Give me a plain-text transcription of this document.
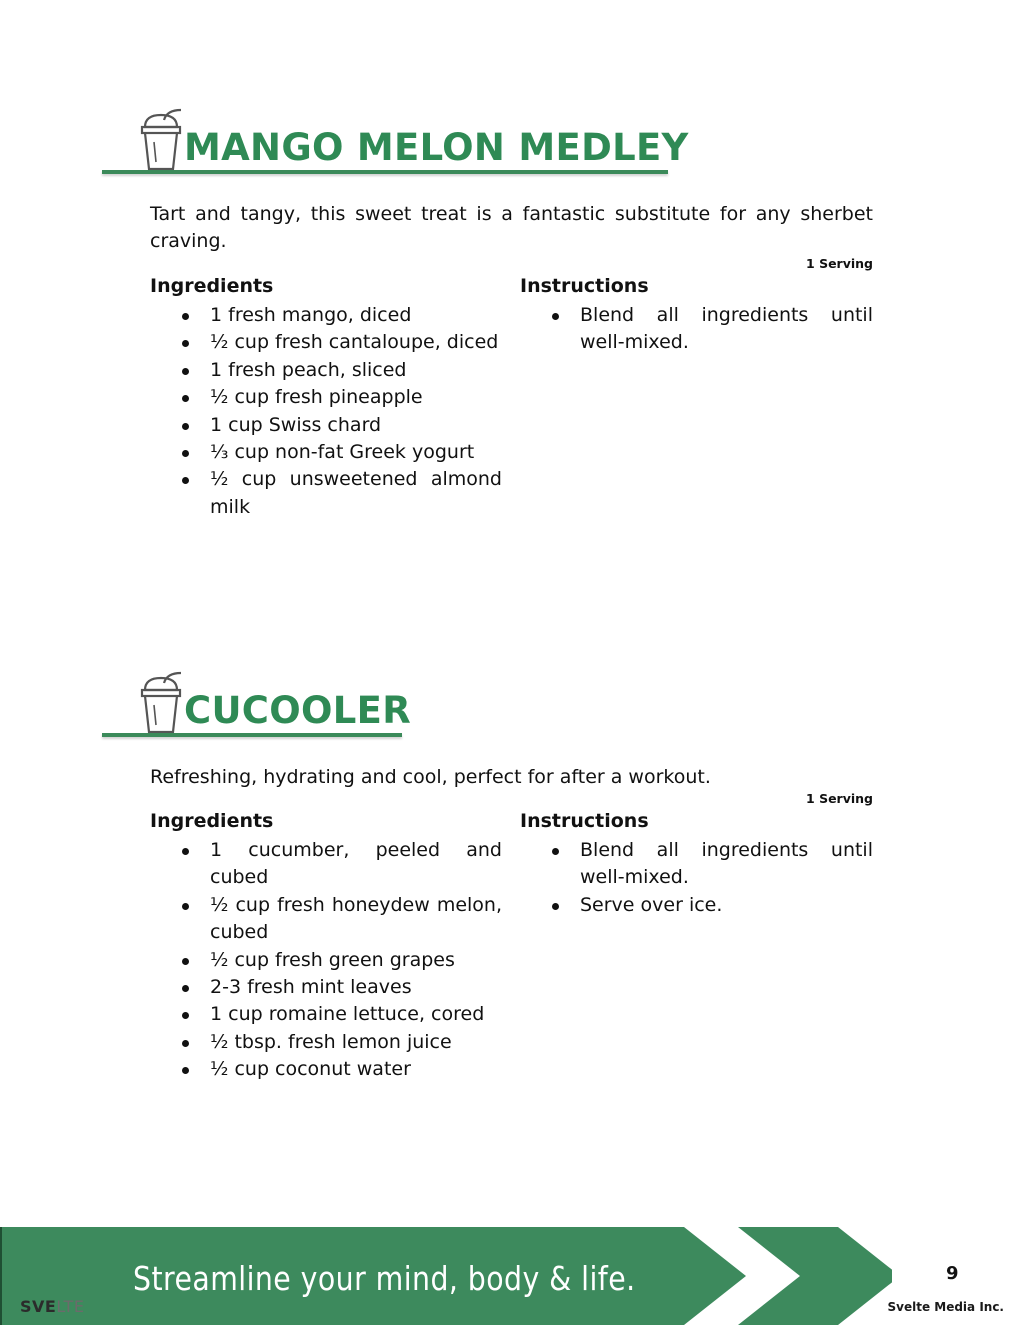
MANGO MELON MEDLEY

Tart and tangy, this sweet treat is a fantastic substitute for any sherbet craving.

1 Serving
Ingredients	Instructions
1 fresh mango, diced
½ cup fresh cantaloupe, diced
1 fresh peach, sliced
½ cup fresh pineapple
1 cup Swiss chard
⅓ cup non-fat Greek yogurt
½ cup unsweetened almond milk
Blend all ingredients until well-mixed.
CUCOOLER

Refreshing, hydrating and cool, perfect for after a workout.

1 Serving
Ingredients	Instructions
1 cucumber, peeled and cubed
½ cup fresh honeydew melon, cubed
½ cup fresh green grapes
2-3 fresh mint leaves
1 cup romaine lettuce, cored
½ tbsp. fresh lemon juice
½ cup coconut water
Blend all ingredients until well-mixed.
Serve over ice.
Streamline your mind, body & life.	9
SVELTE	Svelte Media Inc.
